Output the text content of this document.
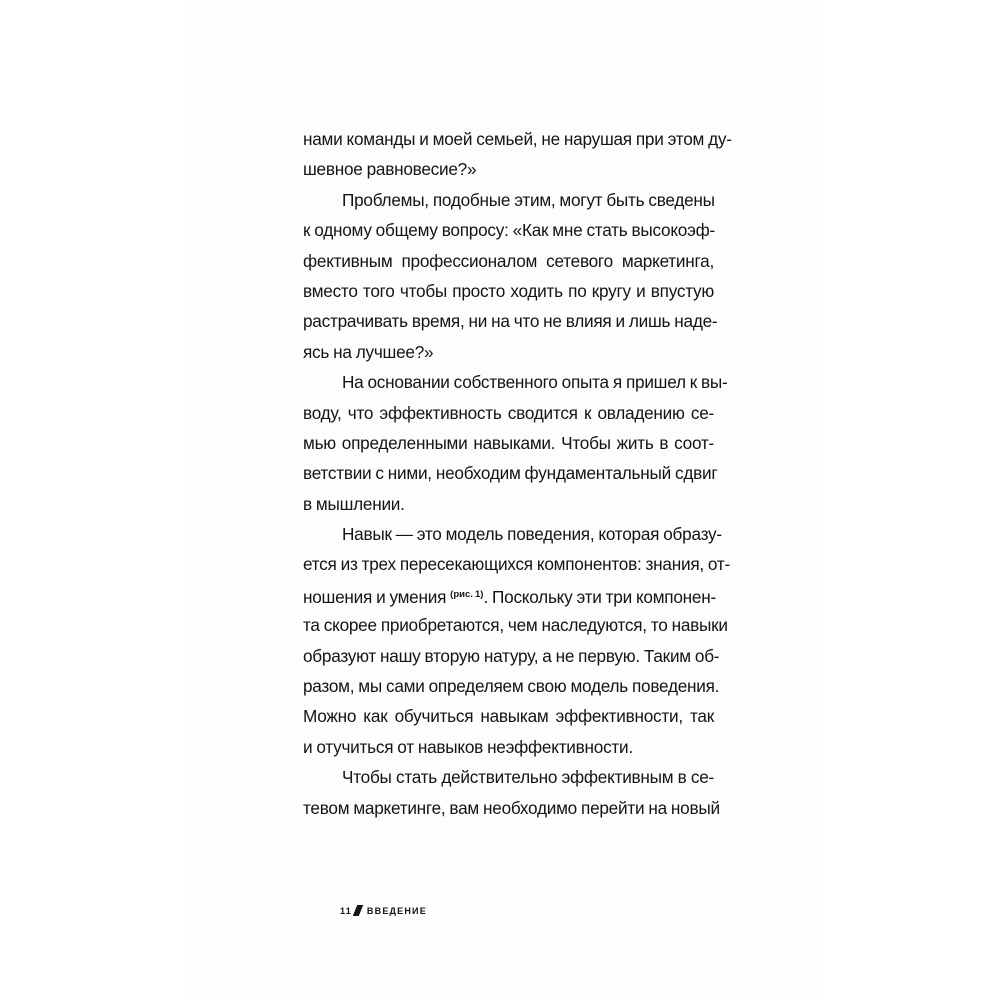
нами команды и моей семьей, не нарушая при этом ду-
шевное равновесие?»
Проблемы, подобные этим, могут быть сведены
к одному общему вопросу: «Как мне стать высокоэф-
фективным профессионалом сетевого маркетинга,
вместо того чтобы просто ходить по кругу и впустую
растрачивать время, ни на что не влияя и лишь наде-
ясь на лучшее?»
На основании собственного опыта я пришел к вы-
воду, что эффективность сводится к овладению се-
мью определенными навыками. Чтобы жить в соот-
ветствии с ними, необходим фундаментальный сдвиг
в мышлении.
Навык — это модель поведения, которая образу-
ется из трех пересекающихся компонентов: знания, от-
ношения и умения $^{(рис. 1)}$. Поскольку эти три компонен-
та скорее приобретаются, чем наследуются, то навыки
образуют нашу вторую натуру, а не первую. Таким об-
разом, мы сами определяем свою модель поведения.
Можно как обучиться навыкам эффективности, так
и отучиться от навыков неэффективности.
Чтобы стать действительно эффективным в се-
тевом маркетинге, вам необходимо перейти на новый
11 ВВЕДЕНИЕ
